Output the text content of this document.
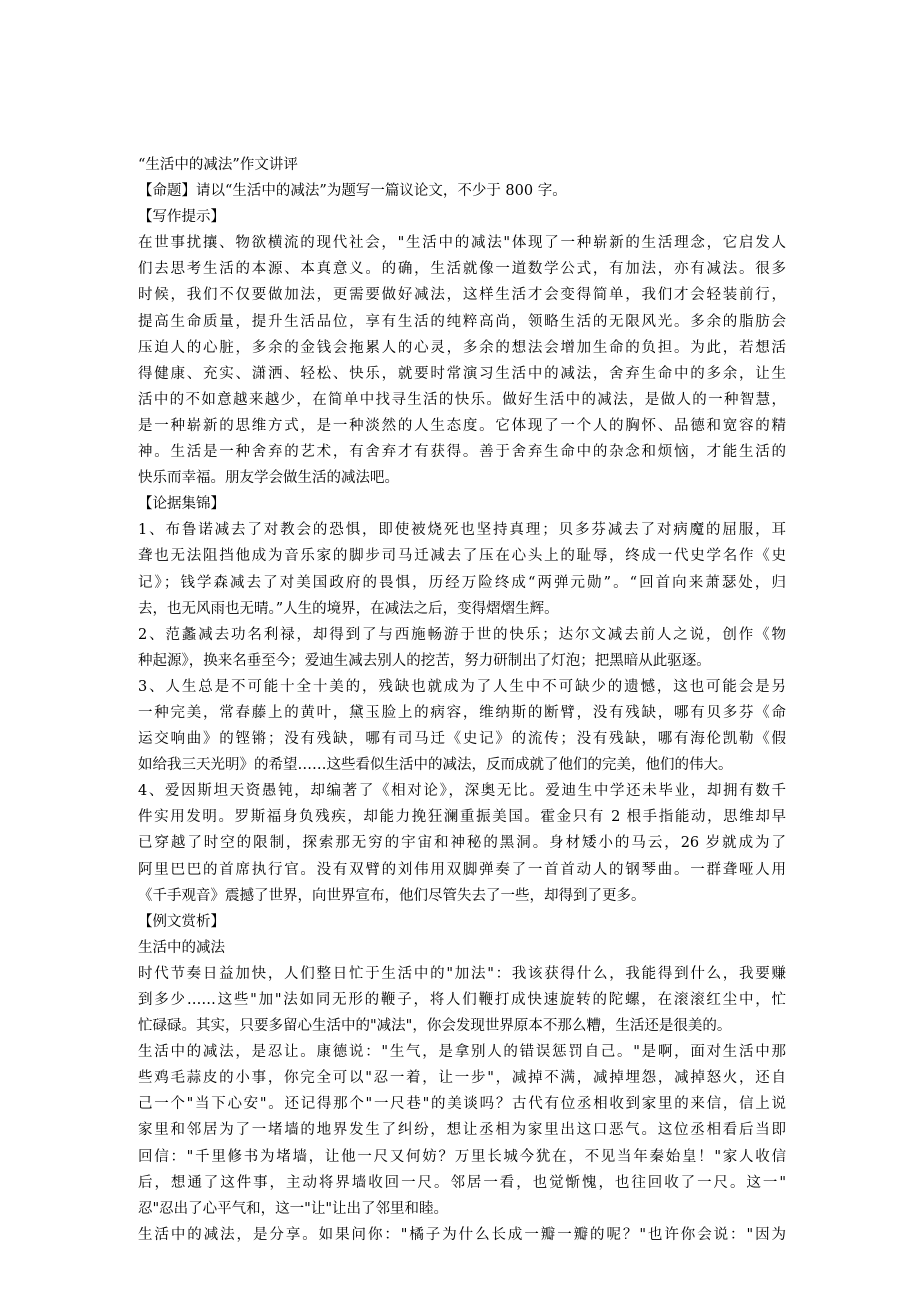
“生活中的减法”作文讲评
【命题】请以“生活中的减法”为题写一篇议论文，不少于 800 字。
【写作提示】
在世事扰攘、物欲横流的现代社会，"生活中的减法"体现了一种崭新的生活理念，它启发人
们去思考生活的本源、本真意义。的确，生活就像一道数学公式，有加法，亦有减法。很多
时候，我们不仅要做加法，更需要做好减法，这样生活才会变得简单，我们才会轻装前行，
提高生命质量，提升生活品位，享有生活的纯粹高尚，领略生活的无限风光。多余的脂肪会
压迫人的心脏，多余的金钱会拖累人的心灵，多余的想法会增加生命的负担。为此，若想活
得健康、充实、潇洒、轻松、快乐，就要时常演习生活中的减法，舍弃生命中的多余，让生
活中的不如意越来越少，在简单中找寻生活的快乐。做好生活中的减法，是做人的一种智慧，
是一种崭新的思维方式，是一种淡然的人生态度。它体现了一个人的胸怀、品德和宽容的精
神。生活是一种舍弃的艺术，有舍弃才有获得。善于舍弃生命中的杂念和烦恼，才能生活的
快乐而幸福。朋友学会做生活的减法吧。
【论据集锦】
1、布鲁诺减去了对教会的恐惧，即使被烧死也坚持真理；贝多芬减去了对病魔的屈服，耳
聋也无法阻挡他成为音乐家的脚步司马迁减去了压在心头上的耻辱，终成一代史学名作《史
记》；钱学森减去了对美国政府的畏惧，历经万险终成“两弹元勋”。“回首向来萧瑟处，归
去，也无风雨也无晴。”人生的境界，在减法之后，变得熠熠生辉。
2、范蠡减去功名利禄，却得到了与西施畅游于世的快乐；达尔文减去前人之说，创作《物
种起源》，换来名垂至今；爱迪生减去别人的挖苦，努力研制出了灯泡；把黑暗从此驱逐。
3、人生总是不可能十全十美的，残缺也就成为了人生中不可缺少的遗憾，这也可能会是另
一种完美，常春藤上的黄叶，黛玉脸上的病容，维纳斯的断臂，没有残缺，哪有贝多芬《命
运交响曲》的铿锵；没有残缺，哪有司马迁《史记》的流传；没有残缺，哪有海伦凯勒《假
如给我三天光明》的希望……这些看似生活中的减法，反而成就了他们的完美，他们的伟大。
4、爱因斯坦天资愚钝，却编著了《相对论》，深奥无比。爱迪生中学还未毕业，却拥有数千
件实用发明。罗斯福身负残疾，却能力挽狂澜重振美国。霍金只有 2 根手指能动，思维却早
已穿越了时空的限制，探索那无穷的宇宙和神秘的黑洞。身材矮小的马云，26 岁就成为了
阿里巴巴的首席执行官。没有双臂的刘伟用双脚弹奏了一首首动人的钢琴曲。一群聋哑人用
《千手观音》震撼了世界，向世界宣布，他们尽管失去了一些，却得到了更多。
【例文赏析】
生活中的减法
时代节奏日益加快，人们整日忙于生活中的"加法"：我该获得什么，我能得到什么，我要赚
到多少……这些"加"法如同无形的鞭子，将人们鞭打成快速旋转的陀螺，在滚滚红尘中，忙
忙碌碌。其实，只要多留心生活中的"减法"，你会发现世界原本不那么糟，生活还是很美的。
生活中的减法，是忍让。康德说："生气，是拿别人的错误惩罚自己。"是啊，面对生活中那
些鸡毛蒜皮的小事，你完全可以"忍一着，让一步"，减掉不满，减掉埋怨，减掉怒火，还自
己一个"当下心安"。还记得那个"一尺巷"的美谈吗？古代有位丞相收到家里的来信，信上说
家里和邻居为了一堵墙的地界发生了纠纷，想让丞相为家里出这口恶气。这位丞相看后当即
回信："千里修书为堵墙，让他一尺又何妨？万里长城今犹在，不见当年秦始皇！"家人收信
后，想通了这件事，主动将界墙收回一尺。邻居一看，也觉惭愧，也往回收了一尺。这一"
忍"忍出了心平气和，这一"让"让出了邻里和睦。
生活中的减法，是分享。如果问你："橘子为什么长成一瓣一瓣的呢？"也许你会说："因为
